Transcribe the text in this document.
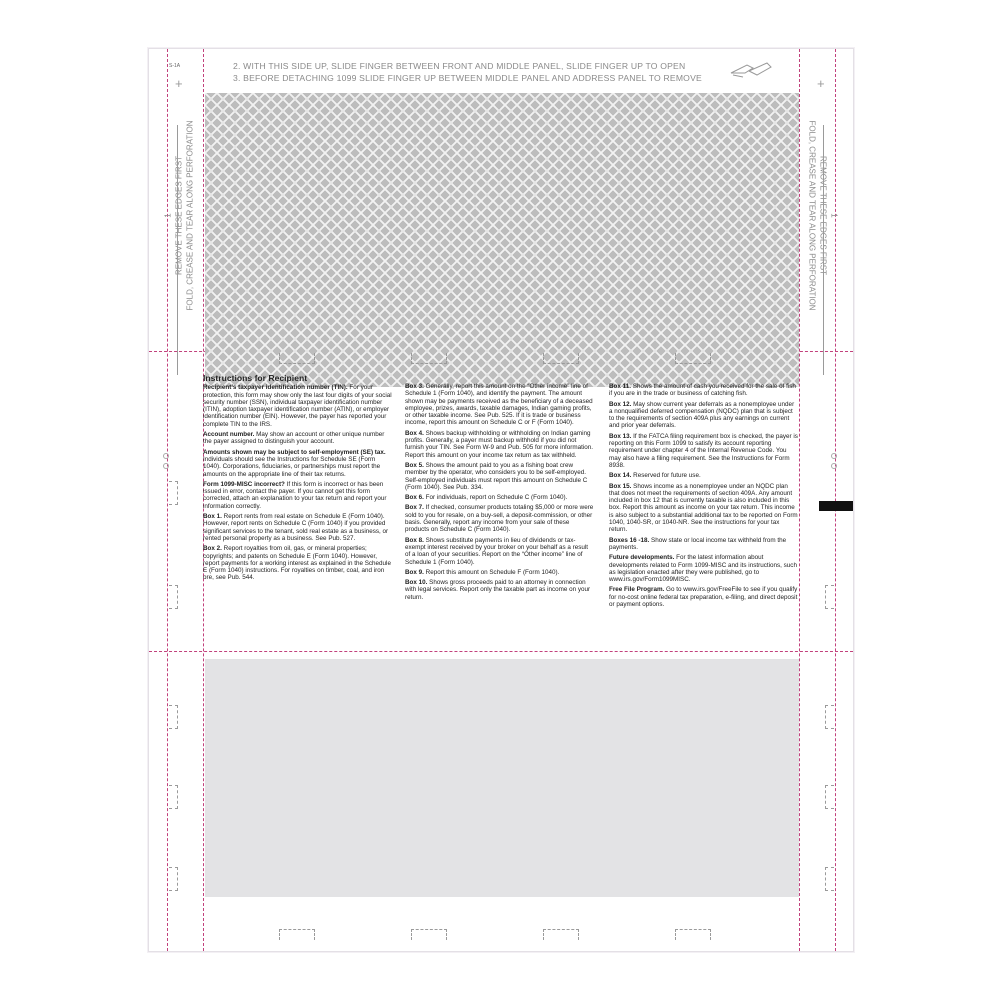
S-1A
+	+
2. WITH THIS SIDE UP, SLIDE FINGER BETWEEN FRONT AND MIDDLE PANEL, SLIDE FINGER UP TO OPEN
3. BEFORE DETACHING 1099 SLIDE FINGER UP BETWEEN MIDDLE PANEL AND ADDRESS PANEL TO REMOVE
1 REMOVE THESE EDGES FIRST FOLD, CREASE AND TEAR ALONG PERFORATION	1
REMOVE THESE EDGES FIRST
FOLD, CREASE AND TEAR ALONG PERFORATION
Instructions for Recipient

Recipient’s taxpayer identification number (TIN). For your protection, this form may show only the last four digits of your social security number (SSN), individual taxpayer identification number (ITIN), adoption taxpayer identification number (ATIN), or employer identification number (EIN). However, the payer has reported your complete TIN to the IRS.

Account number. May show an account or other unique number the payer assigned to distinguish your account.

Amounts shown may be subject to self-employment (SE) tax. Individuals should see the Instructions for Schedule SE (Form 1040). Corporations, fiduciaries, or partnerships must report the amounts on the appropriate line of their tax returns.

Form 1099-MISC incorrect? If this form is incorrect or has been issued in error, contact the payer. If you cannot get this form corrected, attach an explanation to your tax return and report your information correctly.

Box 1. Report rents from real estate on Schedule E (Form 1040). However, report rents on Schedule C (Form 1040) if you provided significant services to the tenant, sold real estate as a business, or rented personal property as a business. See Pub. 527.

Box 2. Report royalties from oil, gas, or mineral properties; copyrights; and patents on Schedule E (Form 1040). However, report payments for a working interest as explained in the Schedule E (Form 1040) instructions. For royalties on timber, coal, and iron ore, see Pub. 544.

Box 3. Generally, report this amount on the “Other income” line of Schedule 1 (Form 1040), and identify the payment. The amount shown may be payments received as the beneficiary of a deceased employee, prizes, awards, taxable damages, Indian gaming profits, or other taxable income. See Pub. 525. If it is trade or business income, report this amount on Schedule C or F (Form 1040).

Box 4. Shows backup withholding or withholding on Indian gaming profits. Generally, a payer must backup withhold if you did not furnish your TIN. See Form W-9 and Pub. 505 for more information. Report this amount on your income tax return as tax withheld.

Box 5. Shows the amount paid to you as a fishing boat crew member by the operator, who considers you to be self-employed. Self-employed individuals must report this amount on Schedule C (Form 1040). See Pub. 334.

Box 6. For individuals, report on Schedule C (Form 1040).

Box 7. If checked, consumer products totaling $5,000 or more were sold to you for resale, on a buy-sell, a deposit-commission, or other basis. Generally, report any income from your sale of these products on Schedule C (Form 1040).

Box 8. Shows substitute payments in lieu of dividends or tax-exempt interest received by your broker on your behalf as a result of a loan of your securities. Report on the “Other income” line of Schedule 1 (Form 1040).

Box 9. Report this amount on Schedule F (Form 1040).

Box 10. Shows gross proceeds paid to an attorney in connection with legal services. Report only the taxable part as income on your return.

Box 11. Shows the amount of cash you received for the sale of fish if you are in the trade or business of catching fish.

Box 12. May show current year deferrals as a nonemployee under a nonqualified deferred compensation (NQDC) plan that is subject to the requirements of section 409A plus any earnings on current and prior year deferrals.

Box 13. If the FATCA filing requirement box is checked, the payer is reporting on this Form 1099 to satisfy its account reporting requirement under chapter 4 of the Internal Revenue Code. You may also have a filing requirement. See the Instructions for Form 8938.

Box 14. Reserved for future use.

Box 15. Shows income as a nonemployee under an NQDC plan that does not meet the requirements of section 409A. Any amount included in box 12 that is currently taxable is also included in this box. Report this amount as income on your tax return. This income is also subject to a substantial additional tax to be reported on Form 1040, 1040-SR, or 1040-NR. See the instructions for your tax return.

Boxes 16 -18. Show state or local income tax withheld from the payments.

Future developments. For the latest information about developments related to Form 1099-MISC and its instructions, such as legislation enacted after they were published, go to www.irs.gov/Form1099MISC.

Free File Program. Go to www.irs.gov/FreeFile to see if you qualify for no-cost online federal tax preparation, e-filing, and direct deposit or payment options.
